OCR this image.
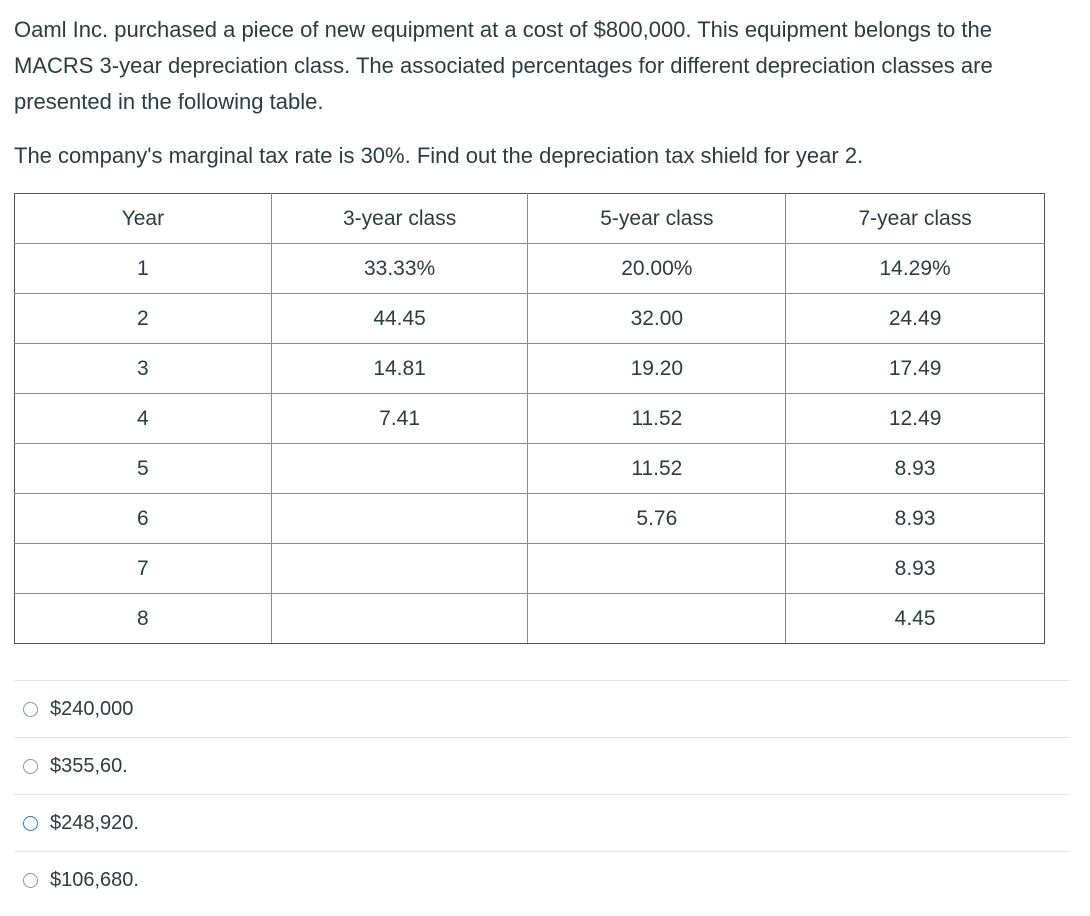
Oaml Inc. purchased a piece of new equipment at a cost of $800,000. This equipment belongs to the MACRS 3-year depreciation class. The associated percentages for different depreciation classes are presented in the following table.

The company's marginal tax rate is 30%. Find out the depreciation tax shield for year 2.

Year	3-year class	5-year class	7-year class
1	33.33%	20.00%	14.29%
2	44.45	32.00	24.49
3	14.81	19.20	17.49
4	7.41	11.52	12.49
5		11.52	8.93
6		5.76	8.93
7			8.93
8			4.45
$240,000
$355,60.
$248,920.
$106,680.
